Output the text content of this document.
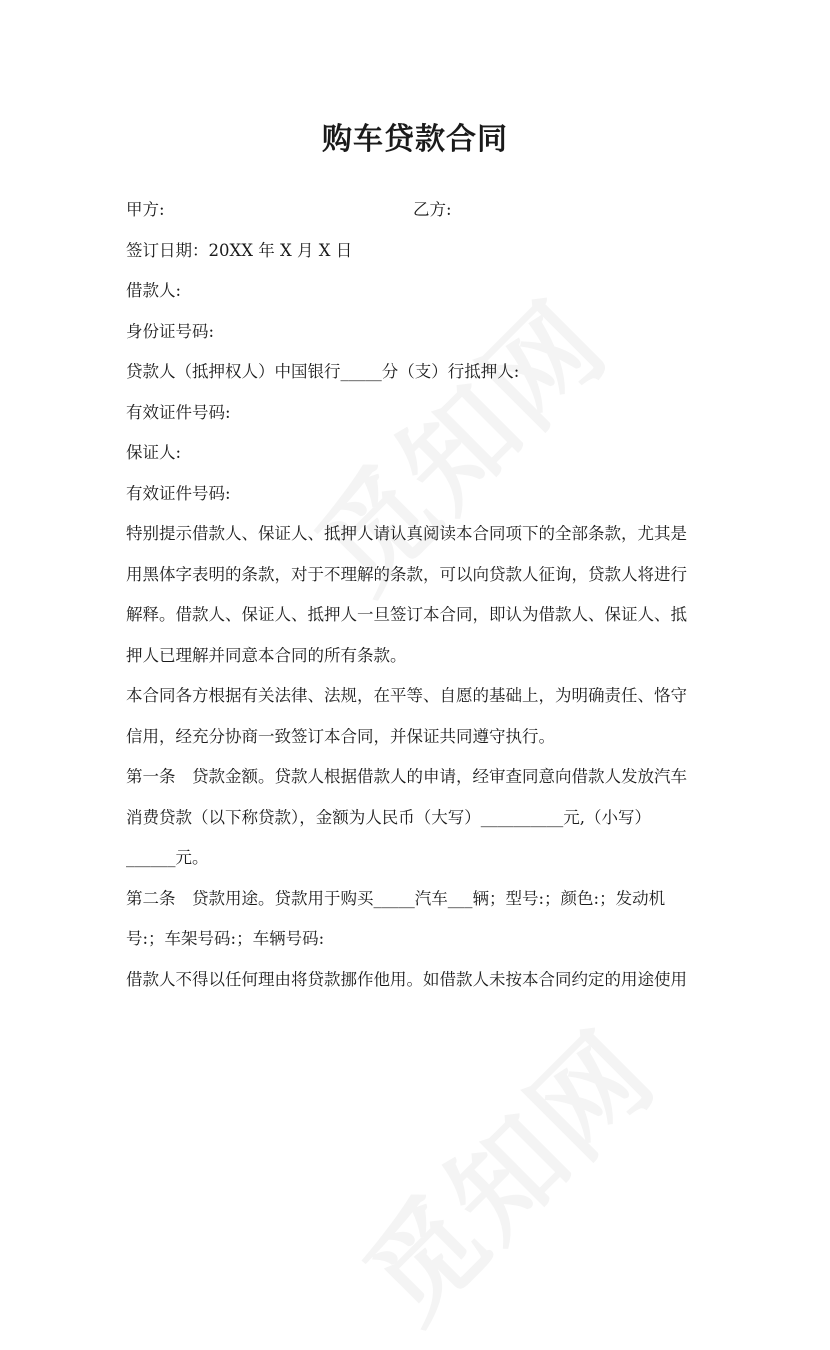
购车贷款合同
甲方:	乙方:
签订日期：20XX 年 X 月 X 日
借款人:
身份证号码:
贷款人（抵押权人）中国银行_____分（支）行抵押人:
有效证件号码:
保证人:
有效证件号码:
特别提示借款人、保证人、抵押人请认真阅读本合同项下的全部条款，尤其是
用黑体字表明的条款，对于不理解的条款，可以向贷款人征询，贷款人将进行
解释。借款人、保证人、抵押人一旦签订本合同，即认为借款人、保证人、抵
押人已理解并同意本合同的所有条款。
本合同各方根据有关法律、法规，在平等、自愿的基础上，为明确责任、恪守
信用，经充分协商一致签订本合同，并保证共同遵守执行。
第一条　贷款金额。贷款人根据借款人的申请，经审查同意向借款人发放汽车
消费贷款（以下称贷款），金额为人民币（大写）__________元,（小写）
______元。
第二条　贷款用途。贷款用于购买_____汽车___辆；型号:；颜色:；发动机
号:；车架号码:；车辆号码:
借款人不得以任何理由将贷款挪作他用。如借款人未按本合同约定的用途使用
